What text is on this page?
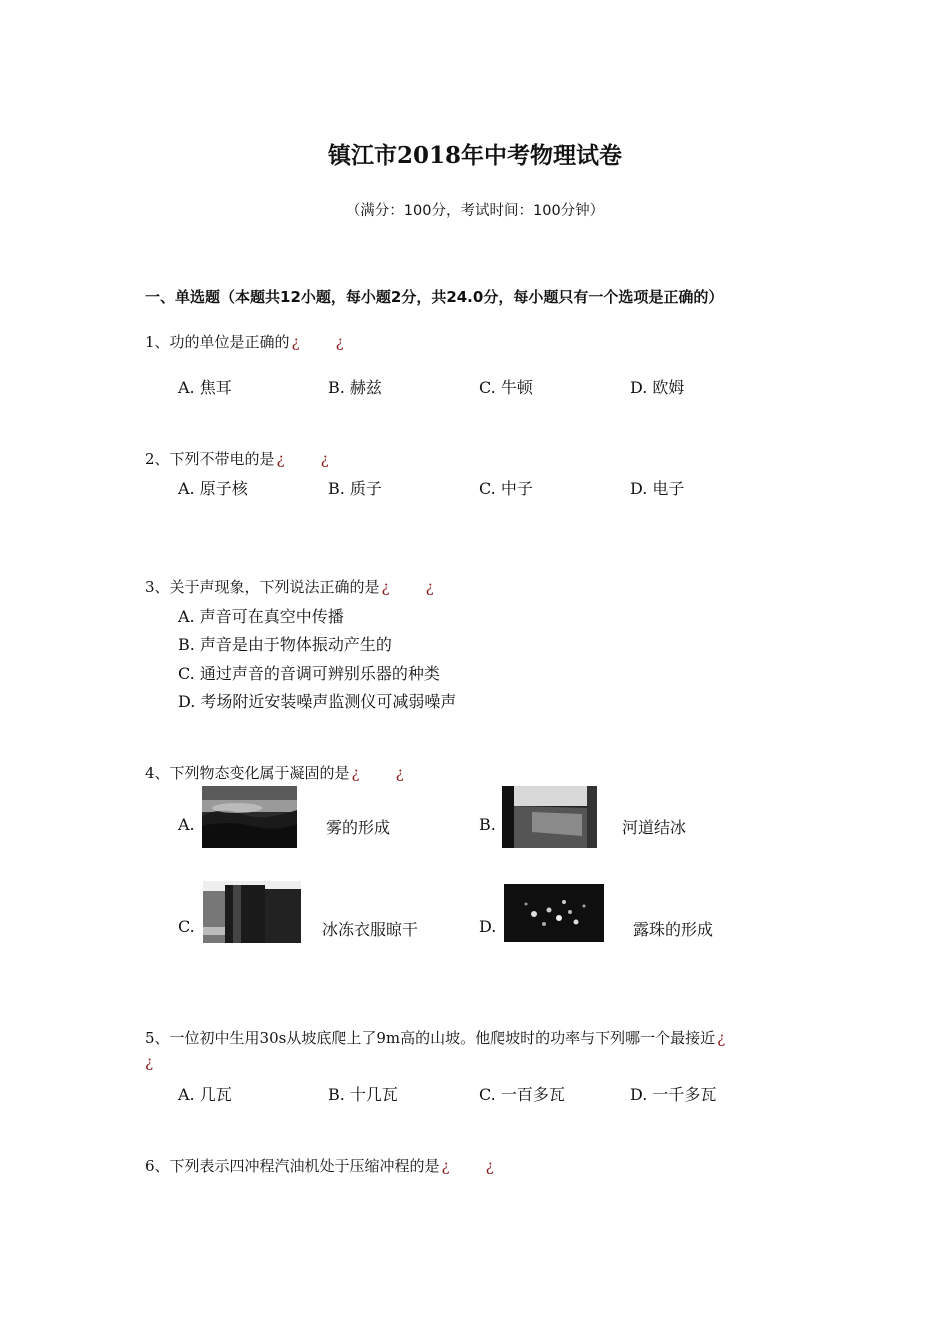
镇江市2018年中考物理试卷
（满分：100分，考试时间：100分钟）
一、单选题（本题共12小题，每小题2分，共24.0分，每小题只有一个选项是正确的）
1、功的单位是正确的 ¿ ¿
A. 焦耳	B. 赫兹	C. 牛顿	D. 欧姆
2、下列不带电的是 ¿ ¿
A. 原子核	B. 质子	C. 中子	D. 电子
3、关于声现象，下列说法正确的是 ¿ ¿
A. 声音可在真空中传播
B. 声音是由于物体振动产生的
C. 通过声音的音调可辨别乐器的种类
D. 考场附近安装噪声监测仪可减弱噪声
4、下列物态变化属于凝固的是 ¿ ¿
A.	雾的形成	B.	河道结冰
C.	冰冻衣服晾干	D.	露珠的形成
5、一位初中生用30s从坡底爬上了9m高的山坡。他爬坡时的功率与下列哪一个最接近 ¿
¿
A. 几瓦	B. 十几瓦	C. 一百多瓦	D. 一千多瓦
6、下列表示四冲程汽油机处于压缩冲程的是 ¿ ¿
